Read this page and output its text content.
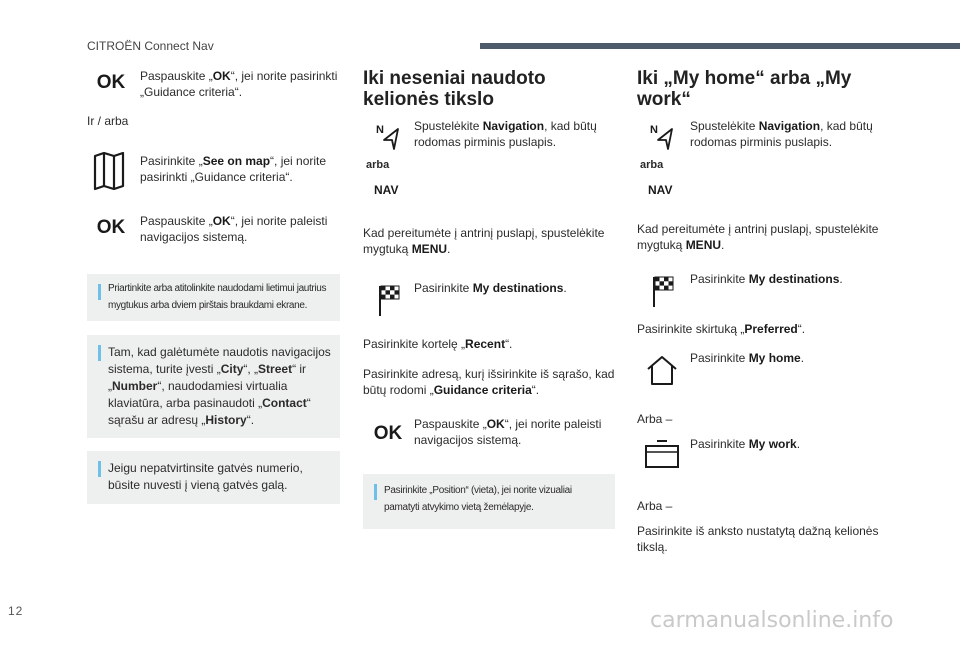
CITROËN Connect Nav
12	carmanualsonline.info
OK	Paspauskite „OK“, jei norite pasirinkti „Guidance criteria“.
Ir / arba
Pasirinkite „See on map“, jei norite pasirinkti „Guidance criteria“.
OK	Paspauskite „OK“, jei norite paleisti navigacijos sistemą.
Priartinkite arba atitolinkite naudodami lietimui jautrius mygtukus arba dviem pirštais braukdami ekrane.
Tam, kad galėtumėte naudotis navigacijos sistema, turite įvesti „City“, „Street“ ir „Number“, naudodamiesi virtualia klaviatūra, arba pasinaudoti „Contact“ sąrašu ar adresų „History“.
Jeigu nepatvirtinsite gatvės numerio, būsite nuvesti į vieną gatvės galą.
Iki neseniai naudoto kelionės tikslo
N
arba
NAV
Spustelėkite Navigation, kad būtų rodomas pirminis puslapis.
Kad pereitumėte į antrinį puslapį, spustelėkite mygtuką MENU.
Pasirinkite My destinations.
Pasirinkite kortelę „Recent“.
Pasirinkite adresą, kurį išsirinkite iš sąrašo, kad būtų rodomi „Guidance criteria“.
OK Paspauskite „OK“, jei norite paleisti navigacijos sistemą.
Pasirinkite „Position“ (vieta), jei norite vizualiai pamatyti atvykimo vietą žemėlapyje.
Iki „My home“ arba „My work“
N
arba
NAV
Spustelėkite Navigation, kad būtų rodomas pirminis puslapis.
Kad pereitumėte į antrinį puslapį, spustelėkite mygtuką MENU.
Pasirinkite My destinations.
Pasirinkite skirtuką „Preferred“.
Pasirinkite My home.
Arba –
Pasirinkite My work.
Arba –
Pasirinkite iš anksto nustatytą dažną kelionės tikslą.
